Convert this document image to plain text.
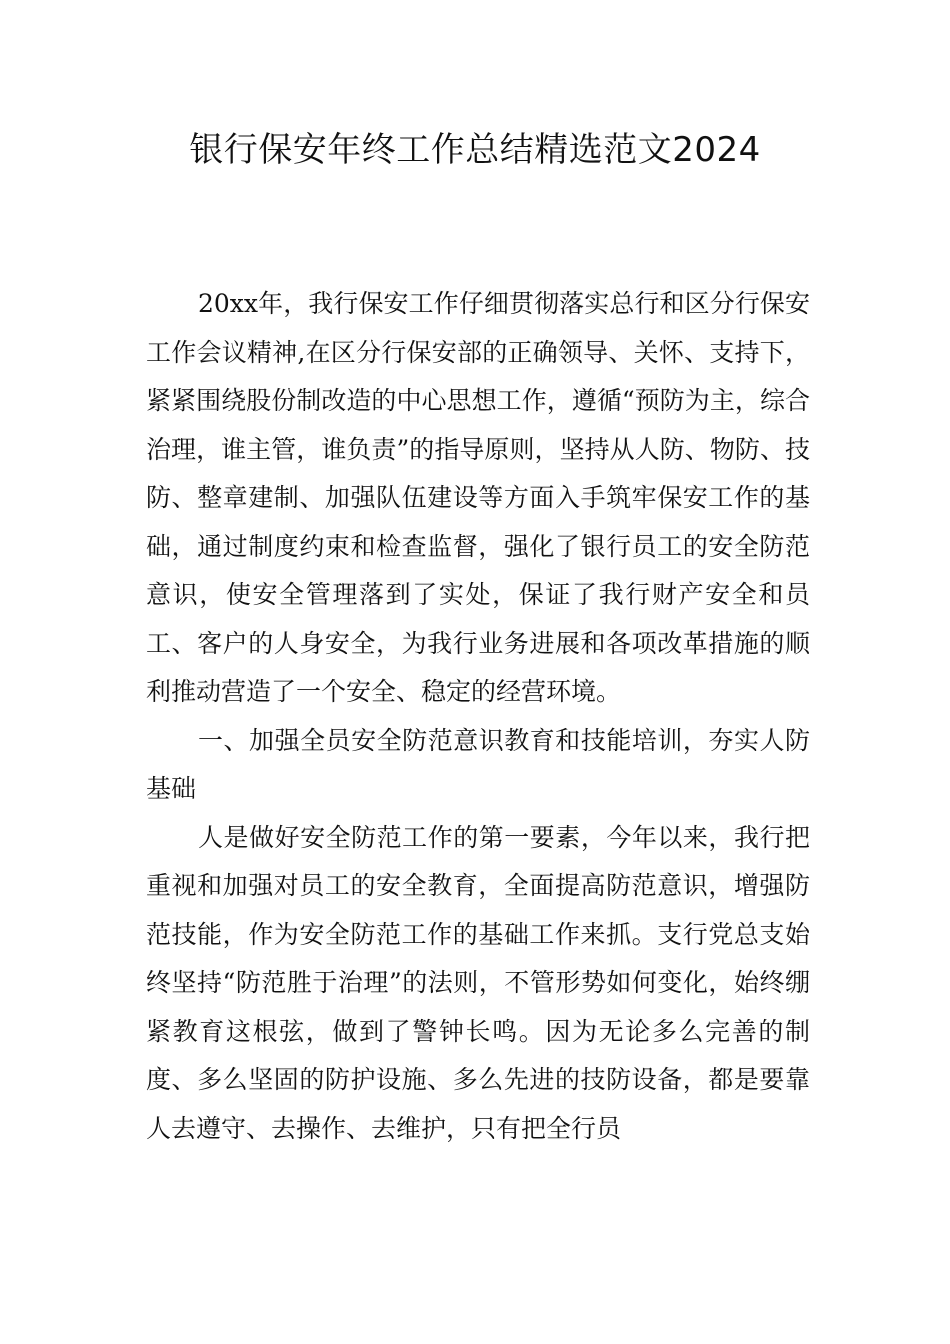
银行保安年终工作总结精选范文2024

20xx年，我行保安工作仔细贯彻落实总行和区分行保安工作会议精神,在区分行保安部的正确领导、关怀、支持下，紧紧围绕股份制改造的中心思想工作，遵循“预防为主，综合治理，谁主管，谁负责”的指导原则，坚持从人防、物防、技防、整章建制、加强队伍建设等方面入手筑牢保安工作的基础，通过制度约束和检查监督，强化了银行员工的安全防范意识，使安全管理落到了实处，保证了我行财产安全和员工、客户的人身安全，为我行业务进展和各项改革措施的顺利推动营造了一个安全、稳定的经营环境。

一、加强全员安全防范意识教育和技能培训，夯实人防基础

人是做好安全防范工作的第一要素，今年以来，我行把重视和加强对员工的安全教育，全面提高防范意识，增强防范技能，作为安全防范工作的基础工作来抓。支行党总支始终坚持“防范胜于治理”的法则，不管形势如何变化，始终绷紧教育这根弦，做到了警钟长鸣。因为无论多么完善的制度、多么坚固的防护设施、多么先进的技防设备，都是要靠人去遵守、去操作、去维护，只有把全行员
